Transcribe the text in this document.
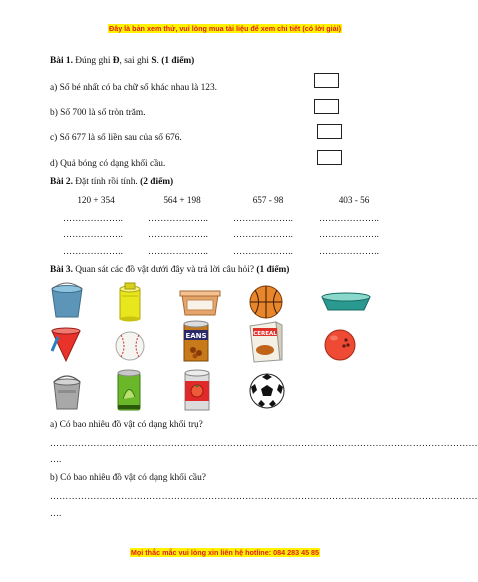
Đây là bản xem thử, vui lòng mua tài liệu để xem chi tiết (có lời giải)
Bài 1. Đúng ghi Đ, sai ghi S. (1 điểm)
a) Số bé nhất có ba chữ số khác nhau là 123.
b) Số 700 là số tròn trăm.
c) Số 677 là số liền sau của số 676.
d) Quả bóng có dạng khối cầu.
Bài 2. Đặt tính rồi tính. (2 điểm)
120 + 354	564 + 198	657 - 98	403 - 56
………………..	………………..	………………..	………………..
………………..	………………..	………………..	………………..
………………..	………………..	………………..	………………..
Bài 3. Quan sát các đồ vật dưới đây và trả lời câu hỏi? (1 điểm)
EANS	CEREAL
a) Có bao nhiêu đồ vật có dạng khối trụ?
…………………………………………………………………………………………………………………………
….
b) Có bao nhiêu đồ vật có dạng khối cầu?
…………………………………………………………………………………………………………………………
….
Mọi thắc mắc vui lòng xin liên hệ hotline: 084 283 45 85
